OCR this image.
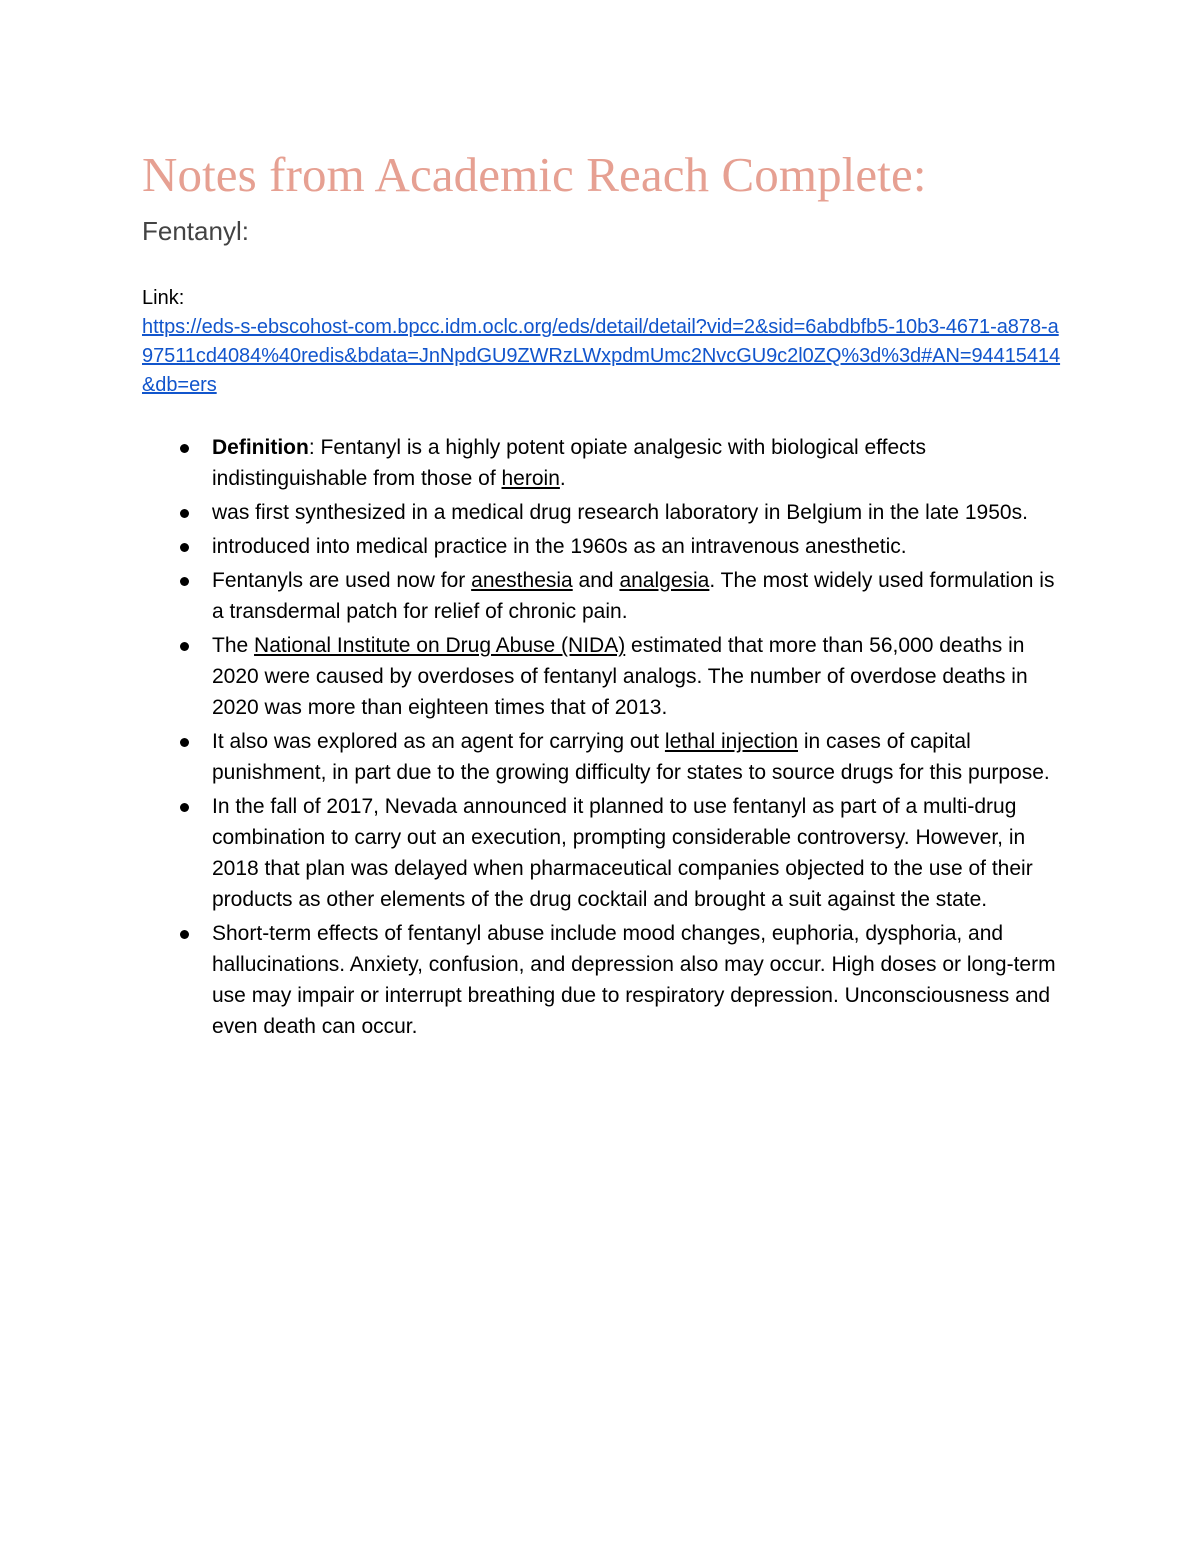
Notes from Academic Reach Complete:
Fentanyl:
Link:
https://eds-s-ebscohost-com.bpcc.idm.oclc.org/eds/detail/detail?vid=2&sid=6abdbfb5-10b3-4671-a878-a97511cd4084%40redis&bdata=JnNpdGU9ZWRzLWxpdmUmc2NvcGU9c2l0ZQ%3d%3d#AN=94415414&db=ers
Definition: Fentanyl is a highly potent opiate analgesic with biological effects indistinguishable from those of heroin.
was first synthesized in a medical drug research laboratory in Belgium in the late 1950s.
introduced into medical practice in the 1960s as an intravenous anesthetic.
Fentanyls are used now for anesthesia and analgesia. The most widely used formulation is a transdermal patch for relief of chronic pain.
The National Institute on Drug Abuse (NIDA) estimated that more than 56,000 deaths in 2020 were caused by overdoses of fentanyl analogs. The number of overdose deaths in 2020 was more than eighteen times that of 2013.
It also was explored as an agent for carrying out lethal injection in cases of capital punishment, in part due to the growing difficulty for states to source drugs for this purpose.
In the fall of 2017, Nevada announced it planned to use fentanyl as part of a multi-drug combination to carry out an execution, prompting considerable controversy. However, in 2018 that plan was delayed when pharmaceutical companies objected to the use of their products as other elements of the drug cocktail and brought a suit against the state.
Short-term effects of fentanyl abuse include mood changes, euphoria, dysphoria, and hallucinations. Anxiety, confusion, and depression also may occur. High doses or long-term use may impair or interrupt breathing due to respiratory depression. Unconsciousness and even death can occur.
